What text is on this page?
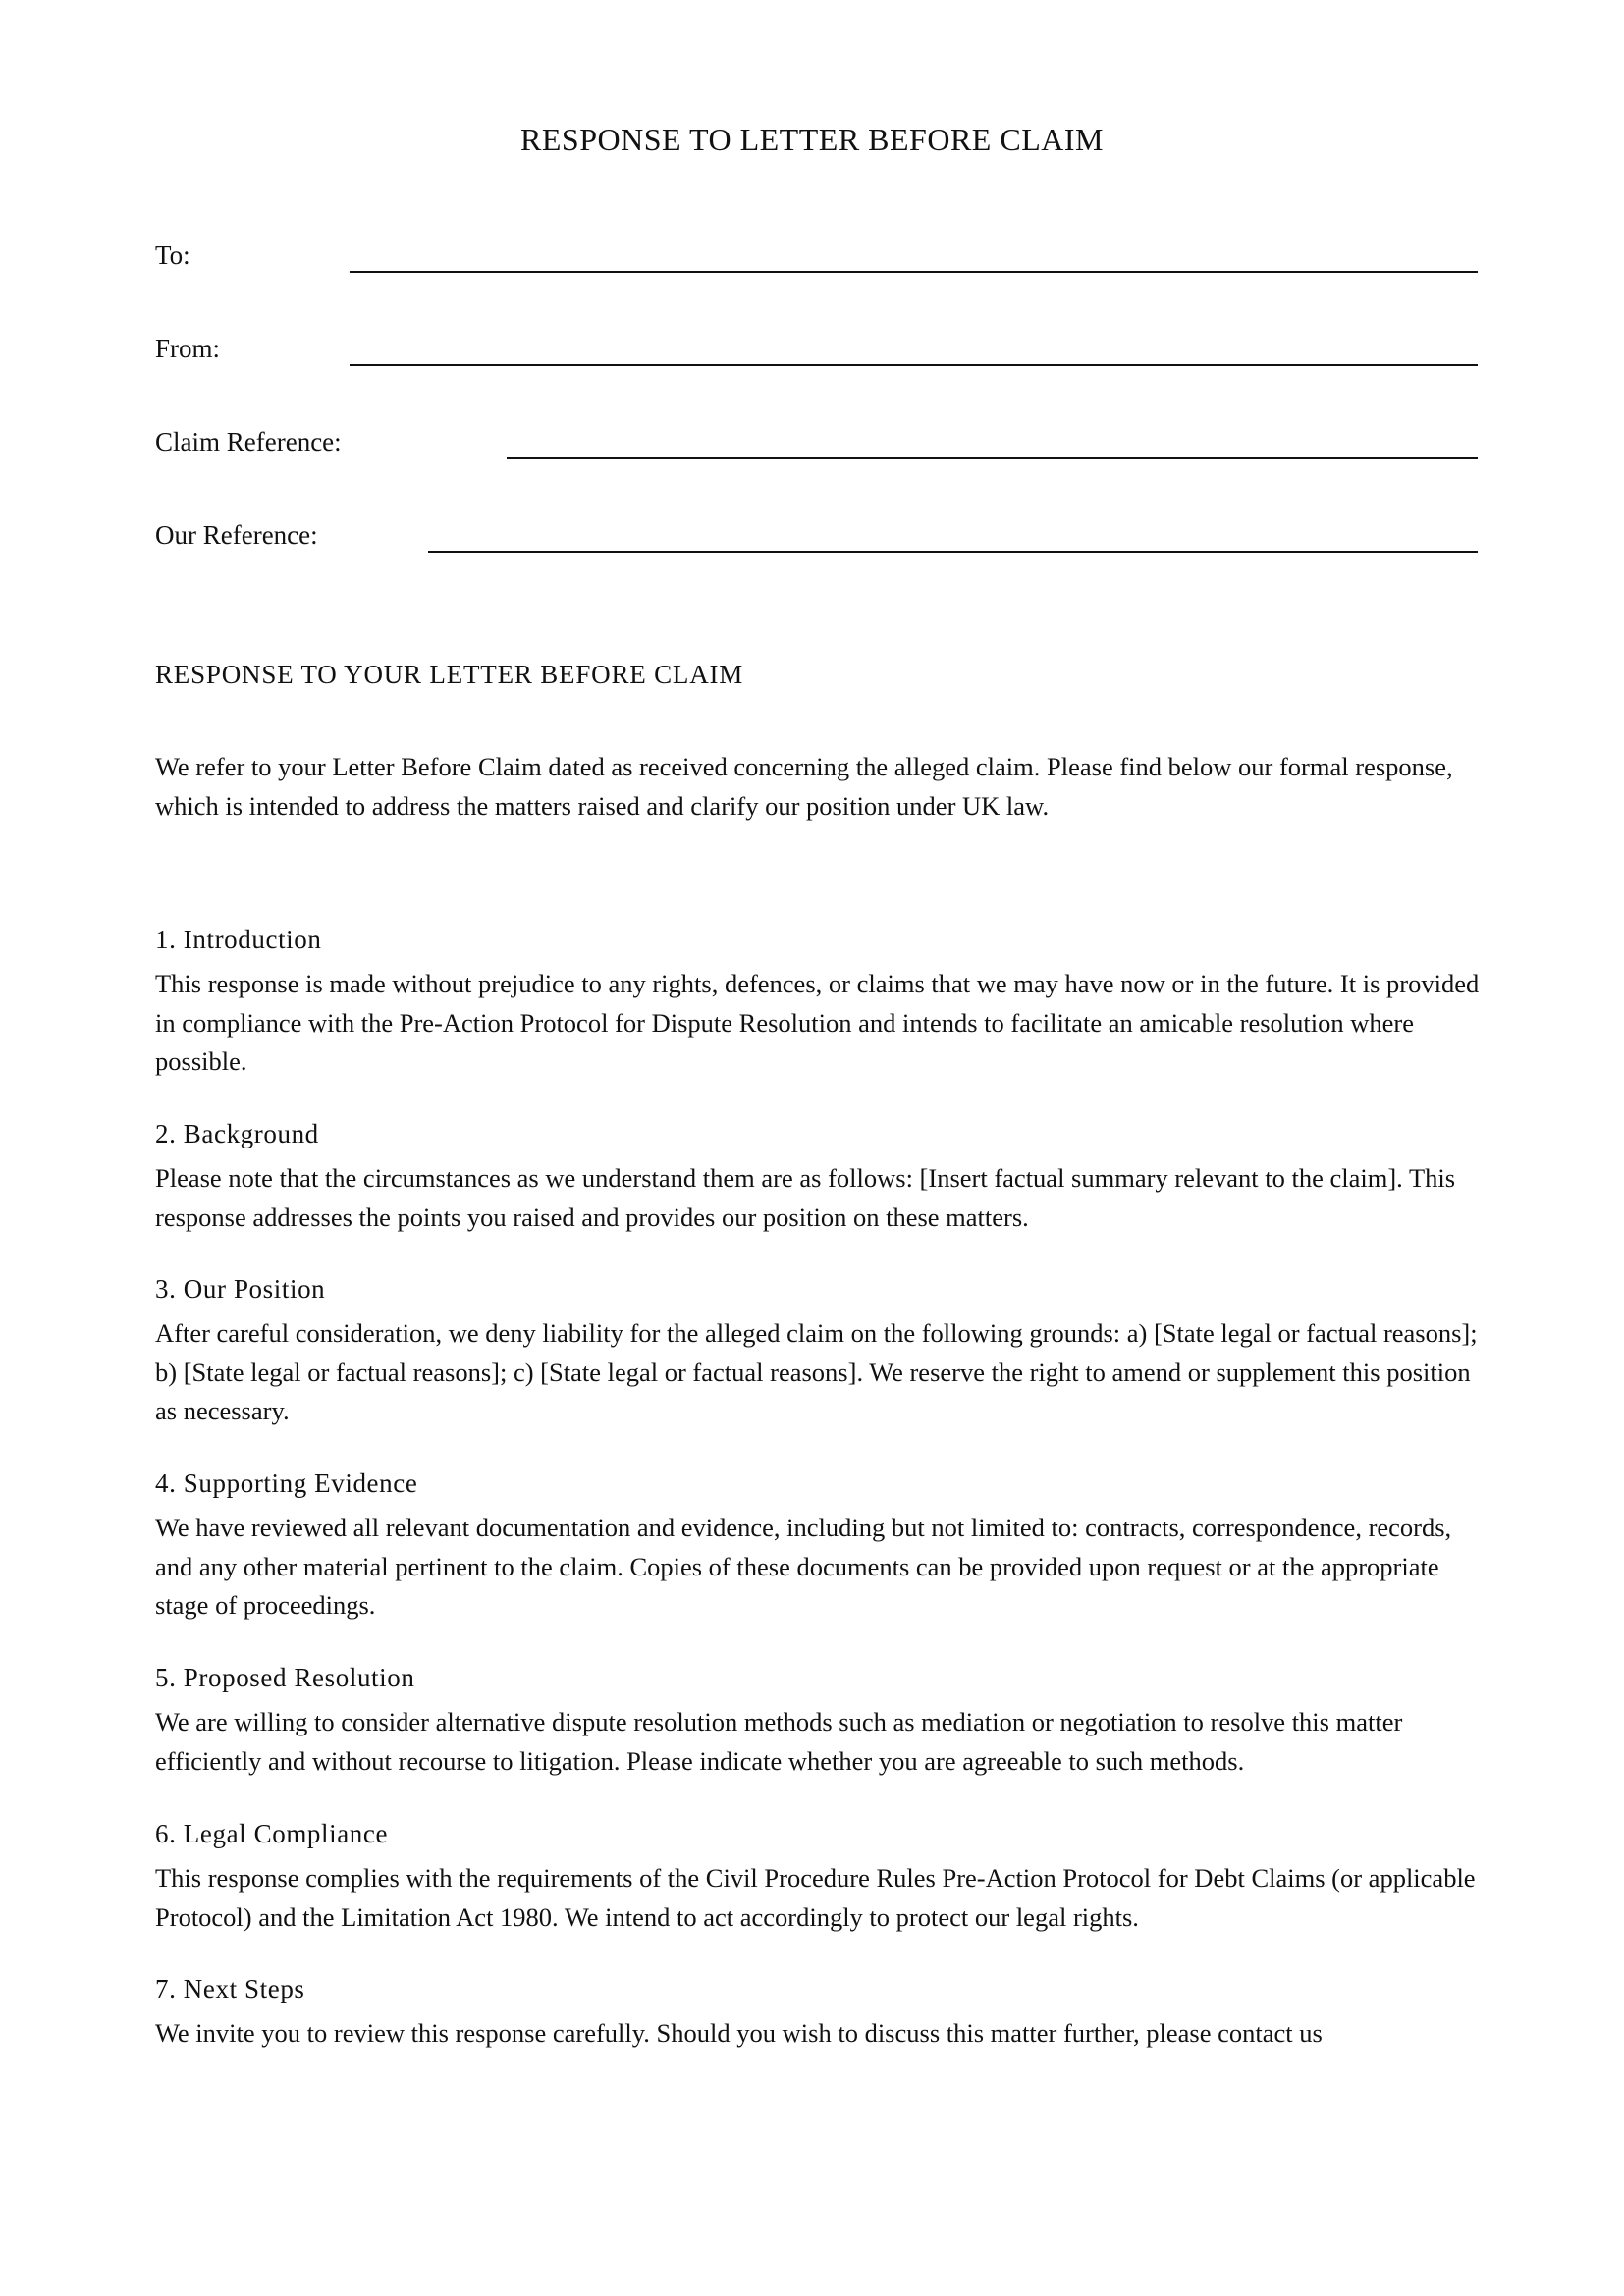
RESPONSE TO LETTER BEFORE CLAIM
To:
From:
Claim Reference:
Our Reference:
RESPONSE TO YOUR LETTER BEFORE CLAIM

We refer to your Letter Before Claim dated as received concerning the alleged claim. Please find below our formal response, which is intended to address the matters raised and clarify our position under UK law.

1. Introduction

This response is made without prejudice to any rights, defences, or claims that we may have now or in the future. It is provided in compliance with the Pre-Action Protocol for Dispute Resolution and intends to facilitate an amicable resolution where possible.

2. Background

Please note that the circumstances as we understand them are as follows: [Insert factual summary relevant to the claim]. This response addresses the points you raised and provides our position on these matters.

3. Our Position

After careful consideration, we deny liability for the alleged claim on the following grounds: a) [State legal or factual reasons]; b) [State legal or factual reasons]; c) [State legal or factual reasons]. We reserve the right to amend or supplement this position as necessary.

4. Supporting Evidence

We have reviewed all relevant documentation and evidence, including but not limited to: contracts, correspondence, records, and any other material pertinent to the claim. Copies of these documents can be provided upon request or at the appropriate stage of proceedings.

5. Proposed Resolution

We are willing to consider alternative dispute resolution methods such as mediation or negotiation to resolve this matter efficiently and without recourse to litigation. Please indicate whether you are agreeable to such methods.

6. Legal Compliance

This response complies with the requirements of the Civil Procedure Rules Pre-Action Protocol for Debt Claims (or applicable Protocol) and the Limitation Act 1980. We intend to act accordingly to protect our legal rights.

7. Next Steps

We invite you to review this response carefully. Should you wish to discuss this matter further, please contact us
